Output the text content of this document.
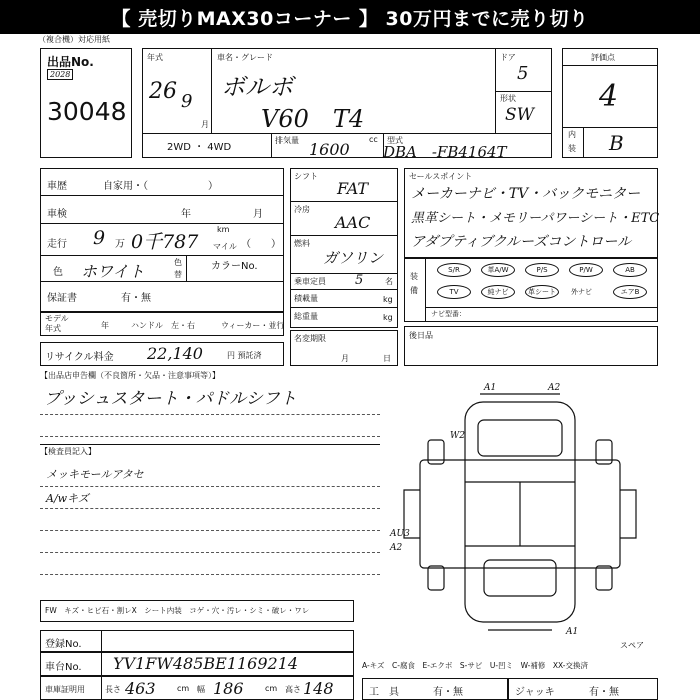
【 売切りMAX30コーナー 】 30万円までに売り切り
（複合機）対応用紙
出品No.
2028
30048
年式
26 9
月
車名・グレード
ボルボ
V60　T4
ドア
5
形状
SW
2WD ・ 4WD
排気量	cc
1600	型式
DBA　-FB4164T
評価点
4
内
装 B
車歴	自家用・（　　　　　　）
車検	年	月
走行 9 万 0千787
km
マイル （　　）
色 ホワイト	色
替
カラーNo.
保証書	有・無
モデル
年式	年	ハンドル 左・右	ウィーカー・並行
リサイクル料金 22,140	円 預託済
シフト
FAT
冷房
AAC
燃料
ガソリン
乗車定員 5	名
積載量	kg
総重量	kg
名変期限
月	日
セールスポイント
メーカーナビ・TV・バックモニター
黒革シート・メモリーパワーシート・ETC
アダプティブクルーズコントロール
装
備
S/R	革A/W	P/S	P/W	AB
TV	純ナビ	革シート	外ナビ	エアB
ナビ型番：
後日品
【出品店申告欄（不良箇所・欠品・注意事項等）】
プッシュスタート・パドルシフト
【検査員記入】
メッキモールアタセ
A/wキズ
A1	A2
W2
AU3
A2
A1
スペア
FW　キズ・ヒビ石・割レX　シート内装　コゲ・穴・汚レ・シミ・破レ・ワレ
登録No.
車台No. YV1FW485BE1169214
車庫証明用	長さ 463	cm 幅 186	cm 高さ 148
A-キズ　C-腐食　E-エクボ　S-サビ　U-凹ミ　W-補修　XX-交換済
工　具	有・無	ジャッキ	有・無
